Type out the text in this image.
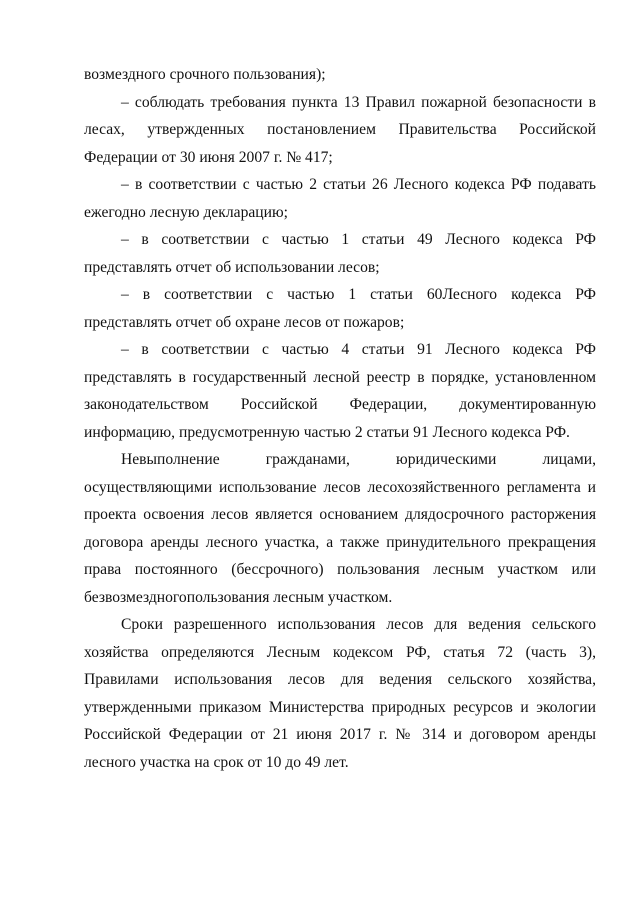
возмездного срочного пользования);

– соблюдать требования пункта 13 Правил пожарной безопасности в лесах, утвержденных постановлением Правительства Российской Федерации от 30 июня 2007 г. № 417;

– в соответствии с частью 2 статьи 26 Лесного кодекса РФ подавать ежегодно лесную декларацию;

– в соответствии с частью 1 статьи 49 Лесного кодекса РФ представлять отчет об использовании лесов;

– в соответствии с частью 1 статьи 60Лесного кодекса РФ представлять отчет об охране лесов от пожаров;

– в соответствии с частью 4 статьи 91 Лесного кодекса РФ представлять в государственный лесной реестр в порядке, установленном законодательством Российской Федерации, документированную информацию, предусмотренную частью 2 статьи 91 Лесного кодекса РФ.

Невыполнение гражданами, юридическими лицами, осуществляющими использование лесов лесохозяйственного регламента и проекта освоения лесов является основанием длядосрочного расторжения договора аренды лесного участка, а также принудительного прекращения права постоянного (бессрочного) пользования лесным участком или безвозмездногопользования лесным участком.

Сроки разрешенного использования лесов для ведения сельского хозяйства определяются Лесным кодексом РФ, статья 72 (часть 3), Правилами использования лесов для ведения сельского хозяйства, утвержденными приказом Министерства природных ресурсов и экологии Российской Федерации от 21 июня 2017 г. № 314 и договором аренды лесного участка на срок от 10 до 49 лет.
